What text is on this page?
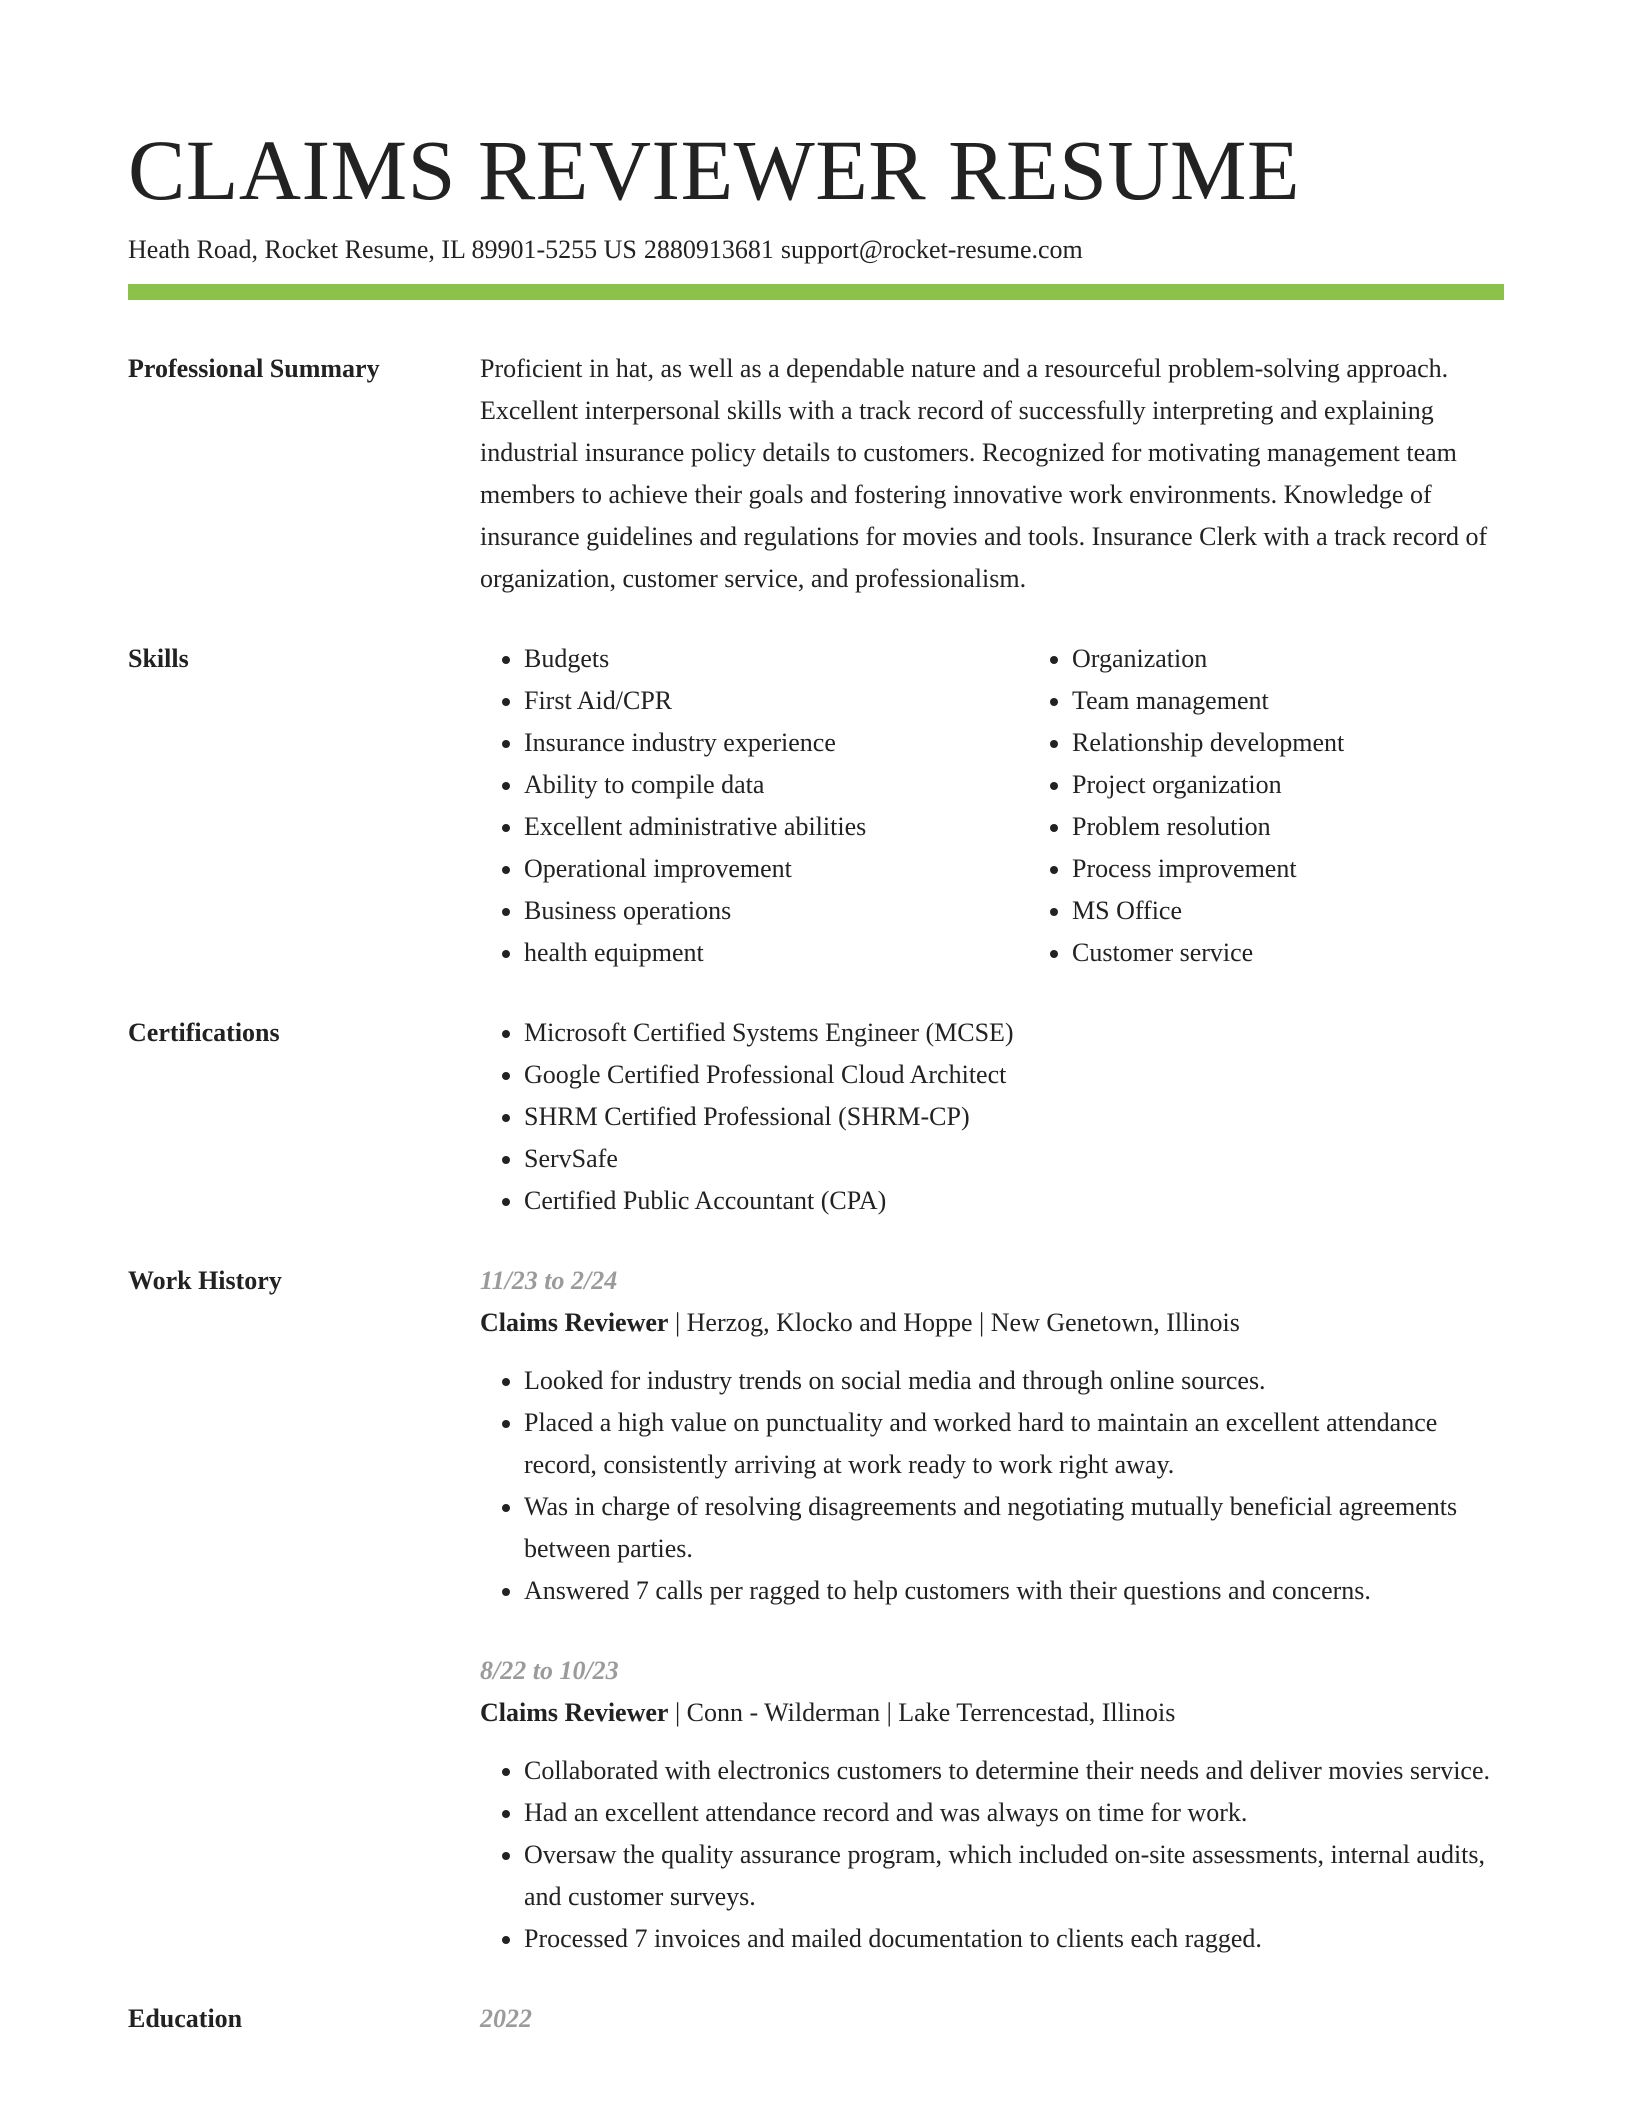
CLAIMS REVIEWER RESUME
Heath Road, Rocket Resume, IL 89901-5255 US 2880913681 support@rocket-resume.com
Professional Summary	Proficient in hat, as well as a dependable nature and a resourceful problem-solving approach. Excellent interpersonal skills with a track record of successfully interpreting and explaining industrial insurance policy details to customers. Recognized for motivating management team members to achieve their goals and fostering innovative work environments. Knowledge of insurance guidelines and regulations for movies and tools. Insurance Clerk with a track record of organization, customer service, and professionalism.

Skills	• Budgets
• First Aid/CPR
• Insurance industry experience
• Ability to compile data
• Excellent administrative abilities
• Operational improvement
• Business operations
• health equipment
• Organization
• Team management
• Relationship development
• Project organization
• Problem resolution
• Process improvement
• MS Office
• Customer service
Certifications	• Microsoft Certified Systems Engineer (MCSE)
• Google Certified Professional Cloud Architect
• SHRM Certified Professional (SHRM-CP)
• ServSafe
• Certified Public Accountant (CPA)
Work History	11/23 to 2/24
Claims Reviewer | Herzog, Klocko and Hoppe | New Genetown, Illinois
• Looked for industry trends on social media and through online sources.
• Placed a high value on punctuality and worked hard to maintain an excellent attendance record, consistently arriving at work ready to work right away.
• Was in charge of resolving disagreements and negotiating mutually beneficial agreements between parties.
• Answered 7 calls per ragged to help customers with their questions and concerns.
8/22 to 10/23
Claims Reviewer | Conn - Wilderman | Lake Terrencestad, Illinois
• Collaborated with electronics customers to determine their needs and deliver movies service.
• Had an excellent attendance record and was always on time for work.
• Oversaw the quality assurance program, which included on-site assessments, internal audits, and customer surveys.
• Processed 7 invoices and mailed documentation to clients each ragged.
Education	2022
